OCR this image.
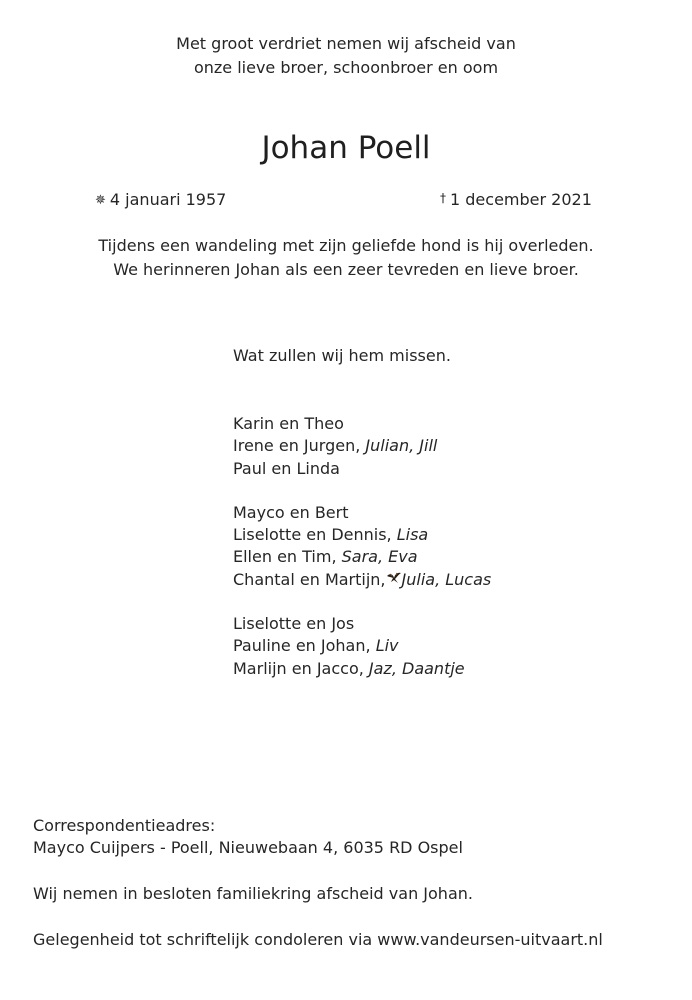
Met groot verdriet nemen wij afscheid van
onze lieve broer, schoonbroer en oom
Johan Poell
✵ 4 januari 1957	† 1 december 2021
Tijdens een wandeling met zijn geliefde hond is hij overleden.
We herinneren Johan als een zeer tevreden en lieve broer.
Wat zullen wij hem missen.
Karin en Theo
Irene en Jurgen, Julian, Jill
Paul en Linda
Mayco en Bert
Liselotte en Dennis, Lisa
Ellen en Tim, Sara, Eva
Chantal en Martijn, Julia, Lucas
Liselotte en Jos
Pauline en Johan, Liv
Marlijn en Jacco, Jaz, Daantje
Correspondentieadres:
Mayco Cuijpers - Poell, Nieuwebaan 4, 6035 RD Ospel
Wij nemen in besloten familiekring afscheid van Johan.
Gelegenheid tot schriftelijk condoleren via www.vandeursen-uitvaart.nl
